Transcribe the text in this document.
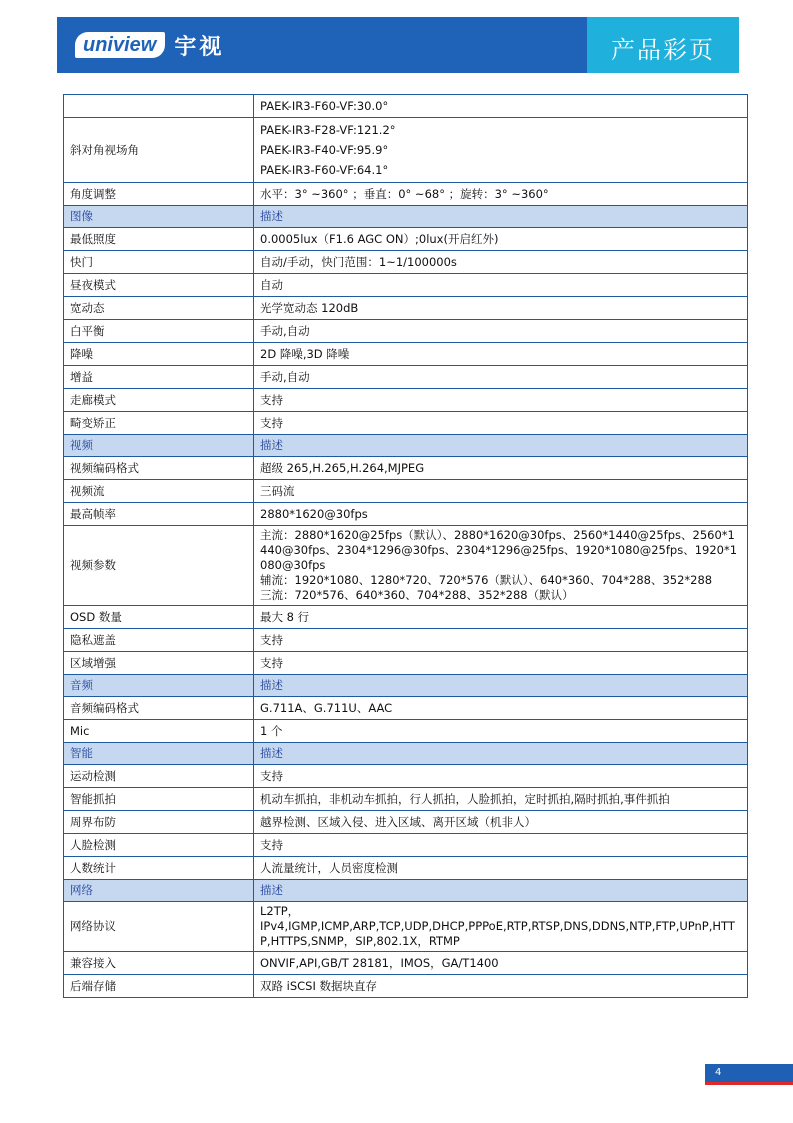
uniview 宇视	产品彩页

	PAEK-IR3-F60-VF:30.0°

斜对角视场角	PAEK-IR3-F28-VF:121.2°
PAEK-IR3-F40-VF:95.9°
PAEK-IR3-F60-VF:64.1°

角度调整	水平：3° ~360° ；垂直：0° ~68° ；旋转：3° ~360°

图像	描述
最低照度	0.0005lux（F1.6 AGC ON）;0lux(开启红外)

快门	自动/手动，快门范围：1~1/100000s

昼夜模式	自动

宽动态	光学宽动态 120dB

白平衡	手动,自动

降噪	2D 降噪,3D 降噪

增益	手动,自动

走廊模式	支持

畸变矫正	支持

视频	描述
视频编码格式	超级 265,H.265,H.264,MJPEG

视频流	三码流

最高帧率	2880*1620@30fps

视频参数	主流：2880*1620@25fps（默认）、2880*1620@30fps、2560*1440@25fps、2560*1440@30fps、2304*1296@30fps、2304*1296@25fps、1920*1080@25fps、1920*1080@30fps
辅流：1920*1080、1280*720、720*576（默认）、640*360、704*288、352*288
三流：720*576、640*360、704*288、352*288（默认）

OSD 数量	最大 8 行

隐私遮盖	支持

区域增强	支持

音频	描述
音频编码格式	G.711A、G.711U、AAC

Mic	1 个

智能	描述
运动检测	支持

智能抓拍	机动车抓拍，非机动车抓拍，行人抓拍，人脸抓拍，定时抓拍,隔时抓拍,事件抓拍

周界布防	越界检测、区域入侵、进入区域、离开区域（机非人）

人脸检测	支持

人数统计	人流量统计，人员密度检测

网络	描述
网络协议	L2TP，
IPv4,IGMP,ICMP,ARP,TCP,UDP,DHCP,PPPoE,RTP,RTSP,DNS,DDNS,NTP,FTP,UPnP,HTTP,HTTPS,SNMP，SIP,802.1X，RTMP

兼容接入	ONVIF,API,GB/T 28181，IMOS，GA/T1400

后端存储	双路 iSCSI 数据块直存
4
